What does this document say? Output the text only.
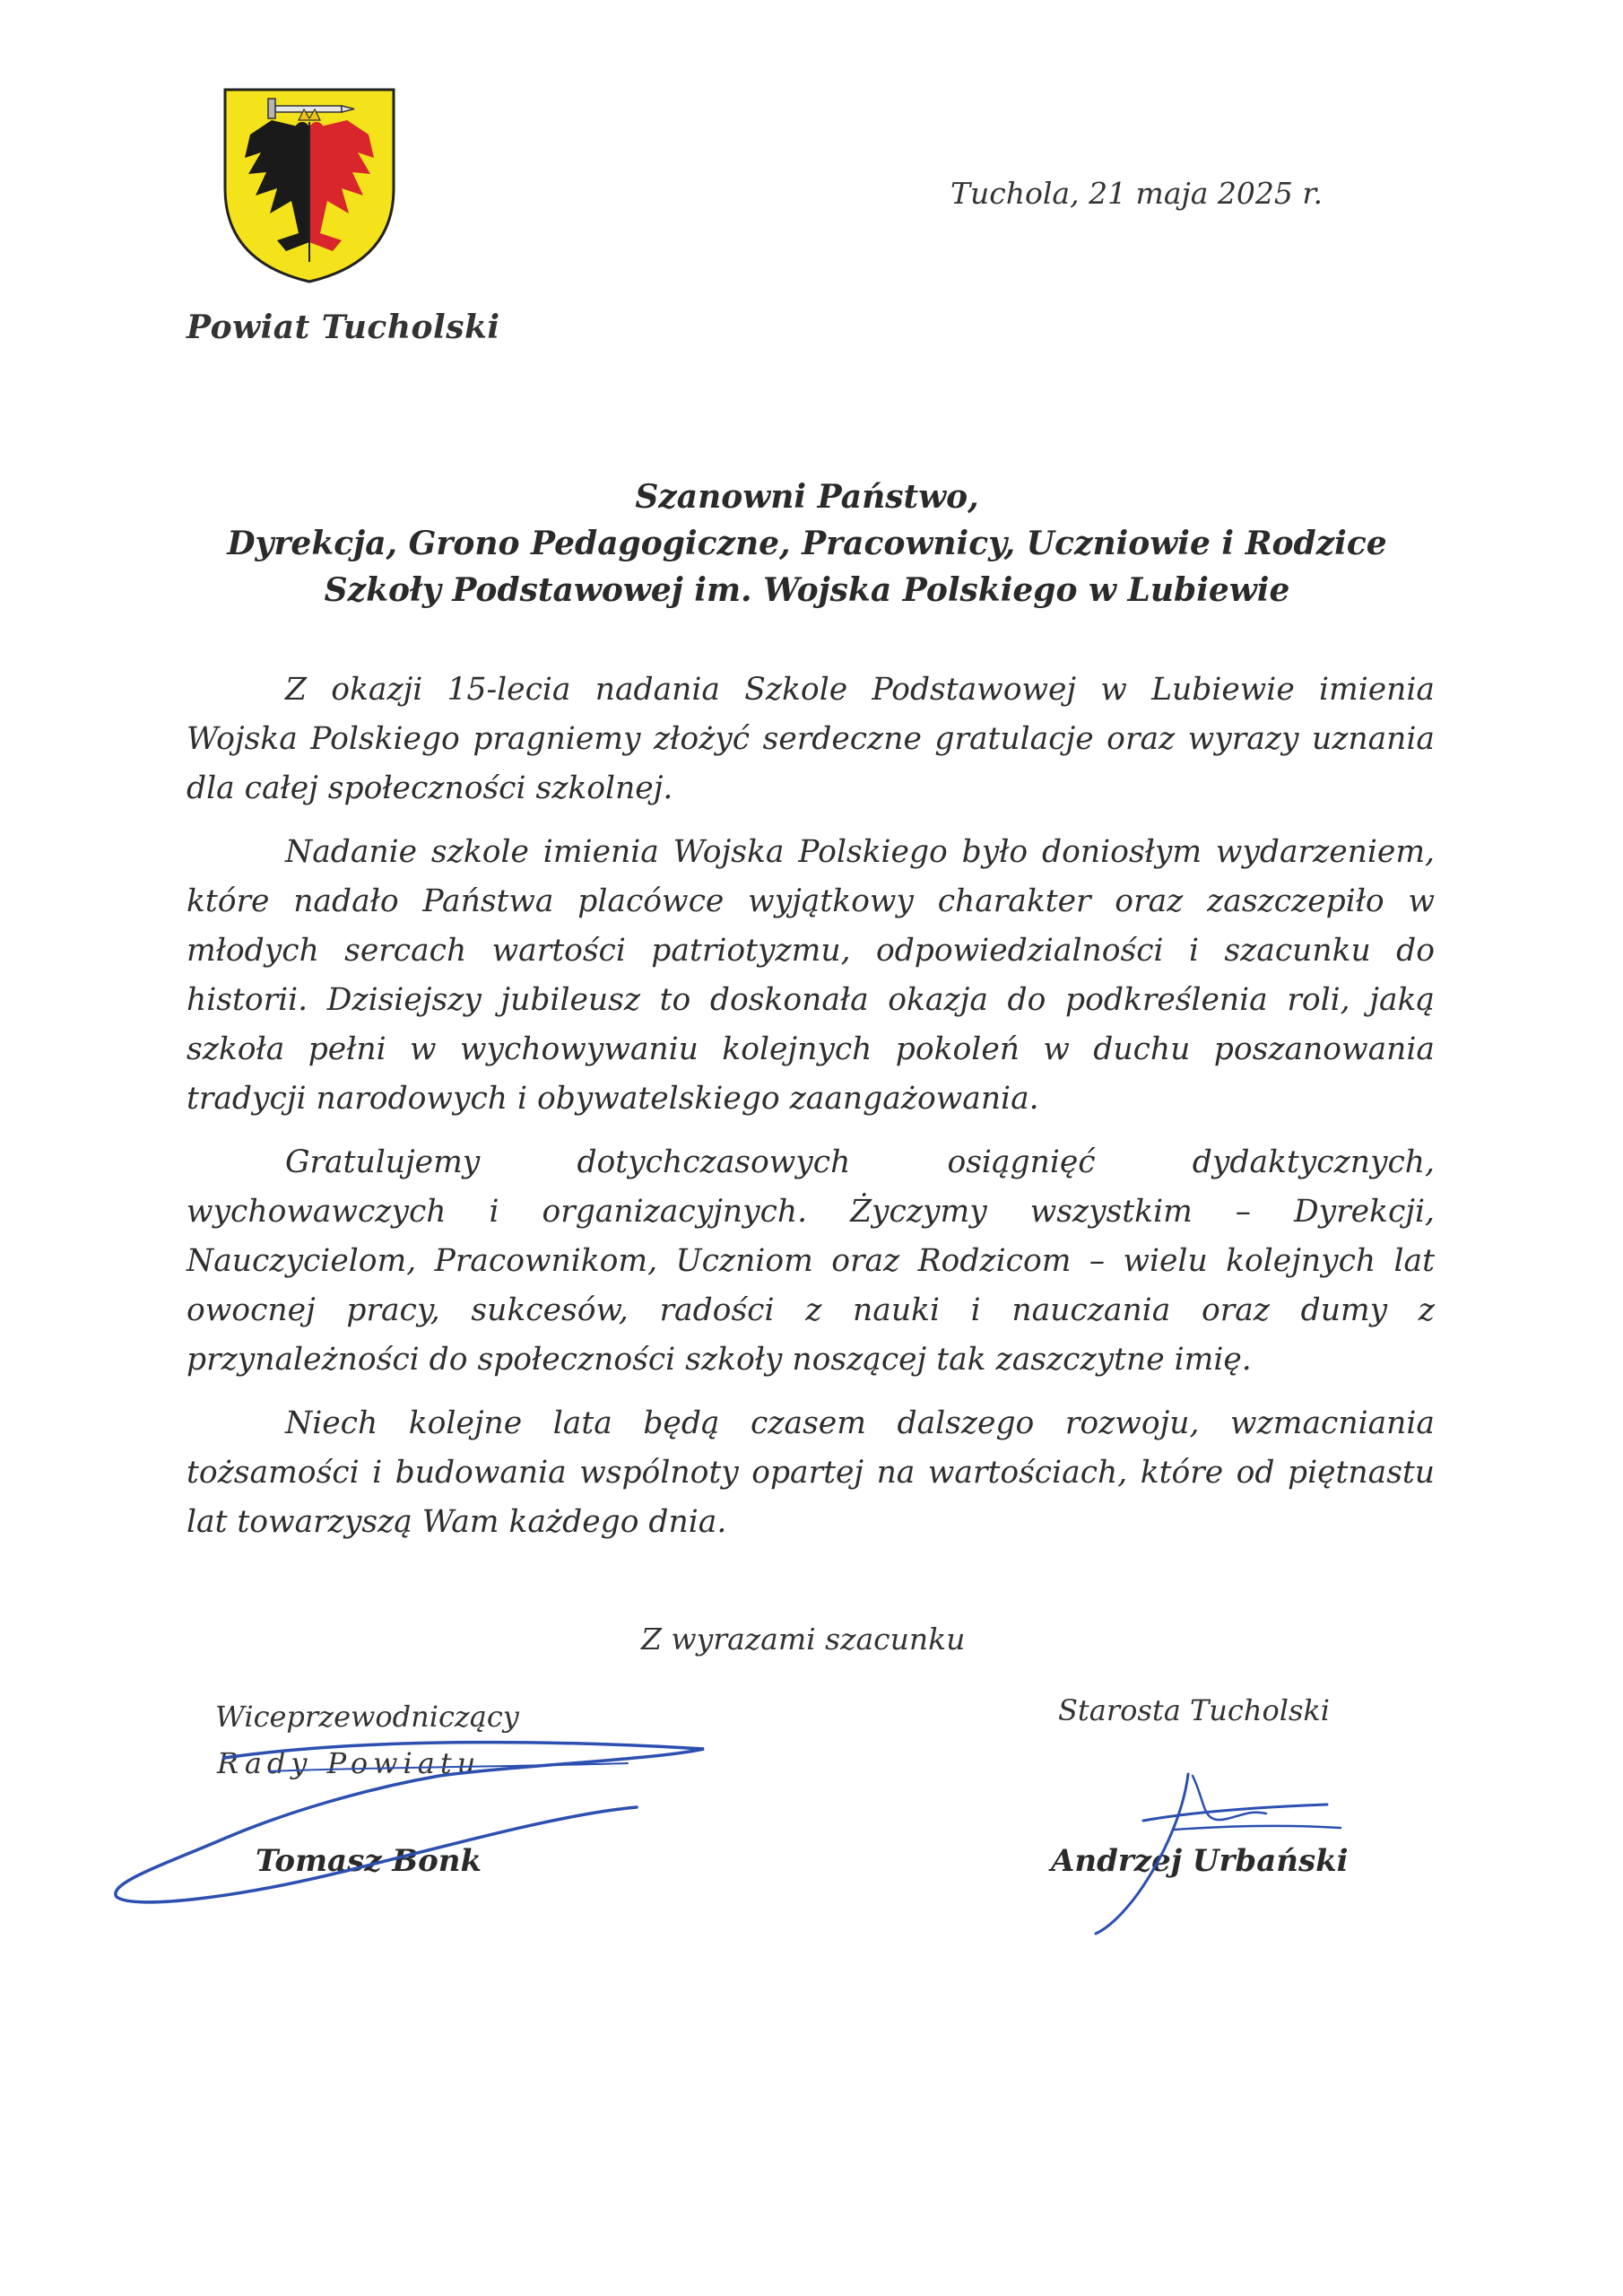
Powiat Tucholski
Tuchola, 21 maja 2025 r.
Szanowni Państwo,
Dyrekcja, Grono Pedagogiczne, Pracownicy, Uczniowie i Rodzice
Szkoły Podstawowej im. Wojska Polskiego w Lubiewie

Z okazji 15-lecia nadania Szkole Podstawowej w Lubiewie imienia Wojska Polskiego pragniemy złożyć serdeczne gratulacje oraz wyrazy uznania dla całej społeczności szkolnej.

Nadanie szkole imienia Wojska Polskiego było doniosłym wydarzeniem, które nadało Państwa placówce wyjątkowy charakter oraz zaszczepiło w młodych sercach wartości patriotyzmu, odpowiedzialności i szacunku do historii. Dzisiejszy jubileusz to doskonała okazja do podkreślenia roli, jaką szkoła pełni w wychowywaniu kolejnych pokoleń w duchu poszanowania tradycji narodowych i obywatelskiego zaangażowania.

Gratulujemy dotychczasowych osiągnięć dydaktycznych, wychowawczych i organizacyjnych. Życzymy wszystkim – Dyrekcji, Nauczycielom, Pracownikom, Uczniom oraz Rodzicom – wielu kolejnych lat owocnej pracy, sukcesów, radości z nauki i nauczania oraz dumy z przynależności do społeczności szkoły noszącej tak zaszczytne imię.

Niech kolejne lata będą czasem dalszego rozwoju, wzmacniania tożsamości i budowania wspólnoty opartej na wartościach, które od piętnastu lat towarzyszą Wam każdego dnia.

Z wyrazami szacunku
Wiceprzewodniczący
Rady Powiatu
Tomasz Bonk
Starosta Tucholski
Andrzej Urbański
